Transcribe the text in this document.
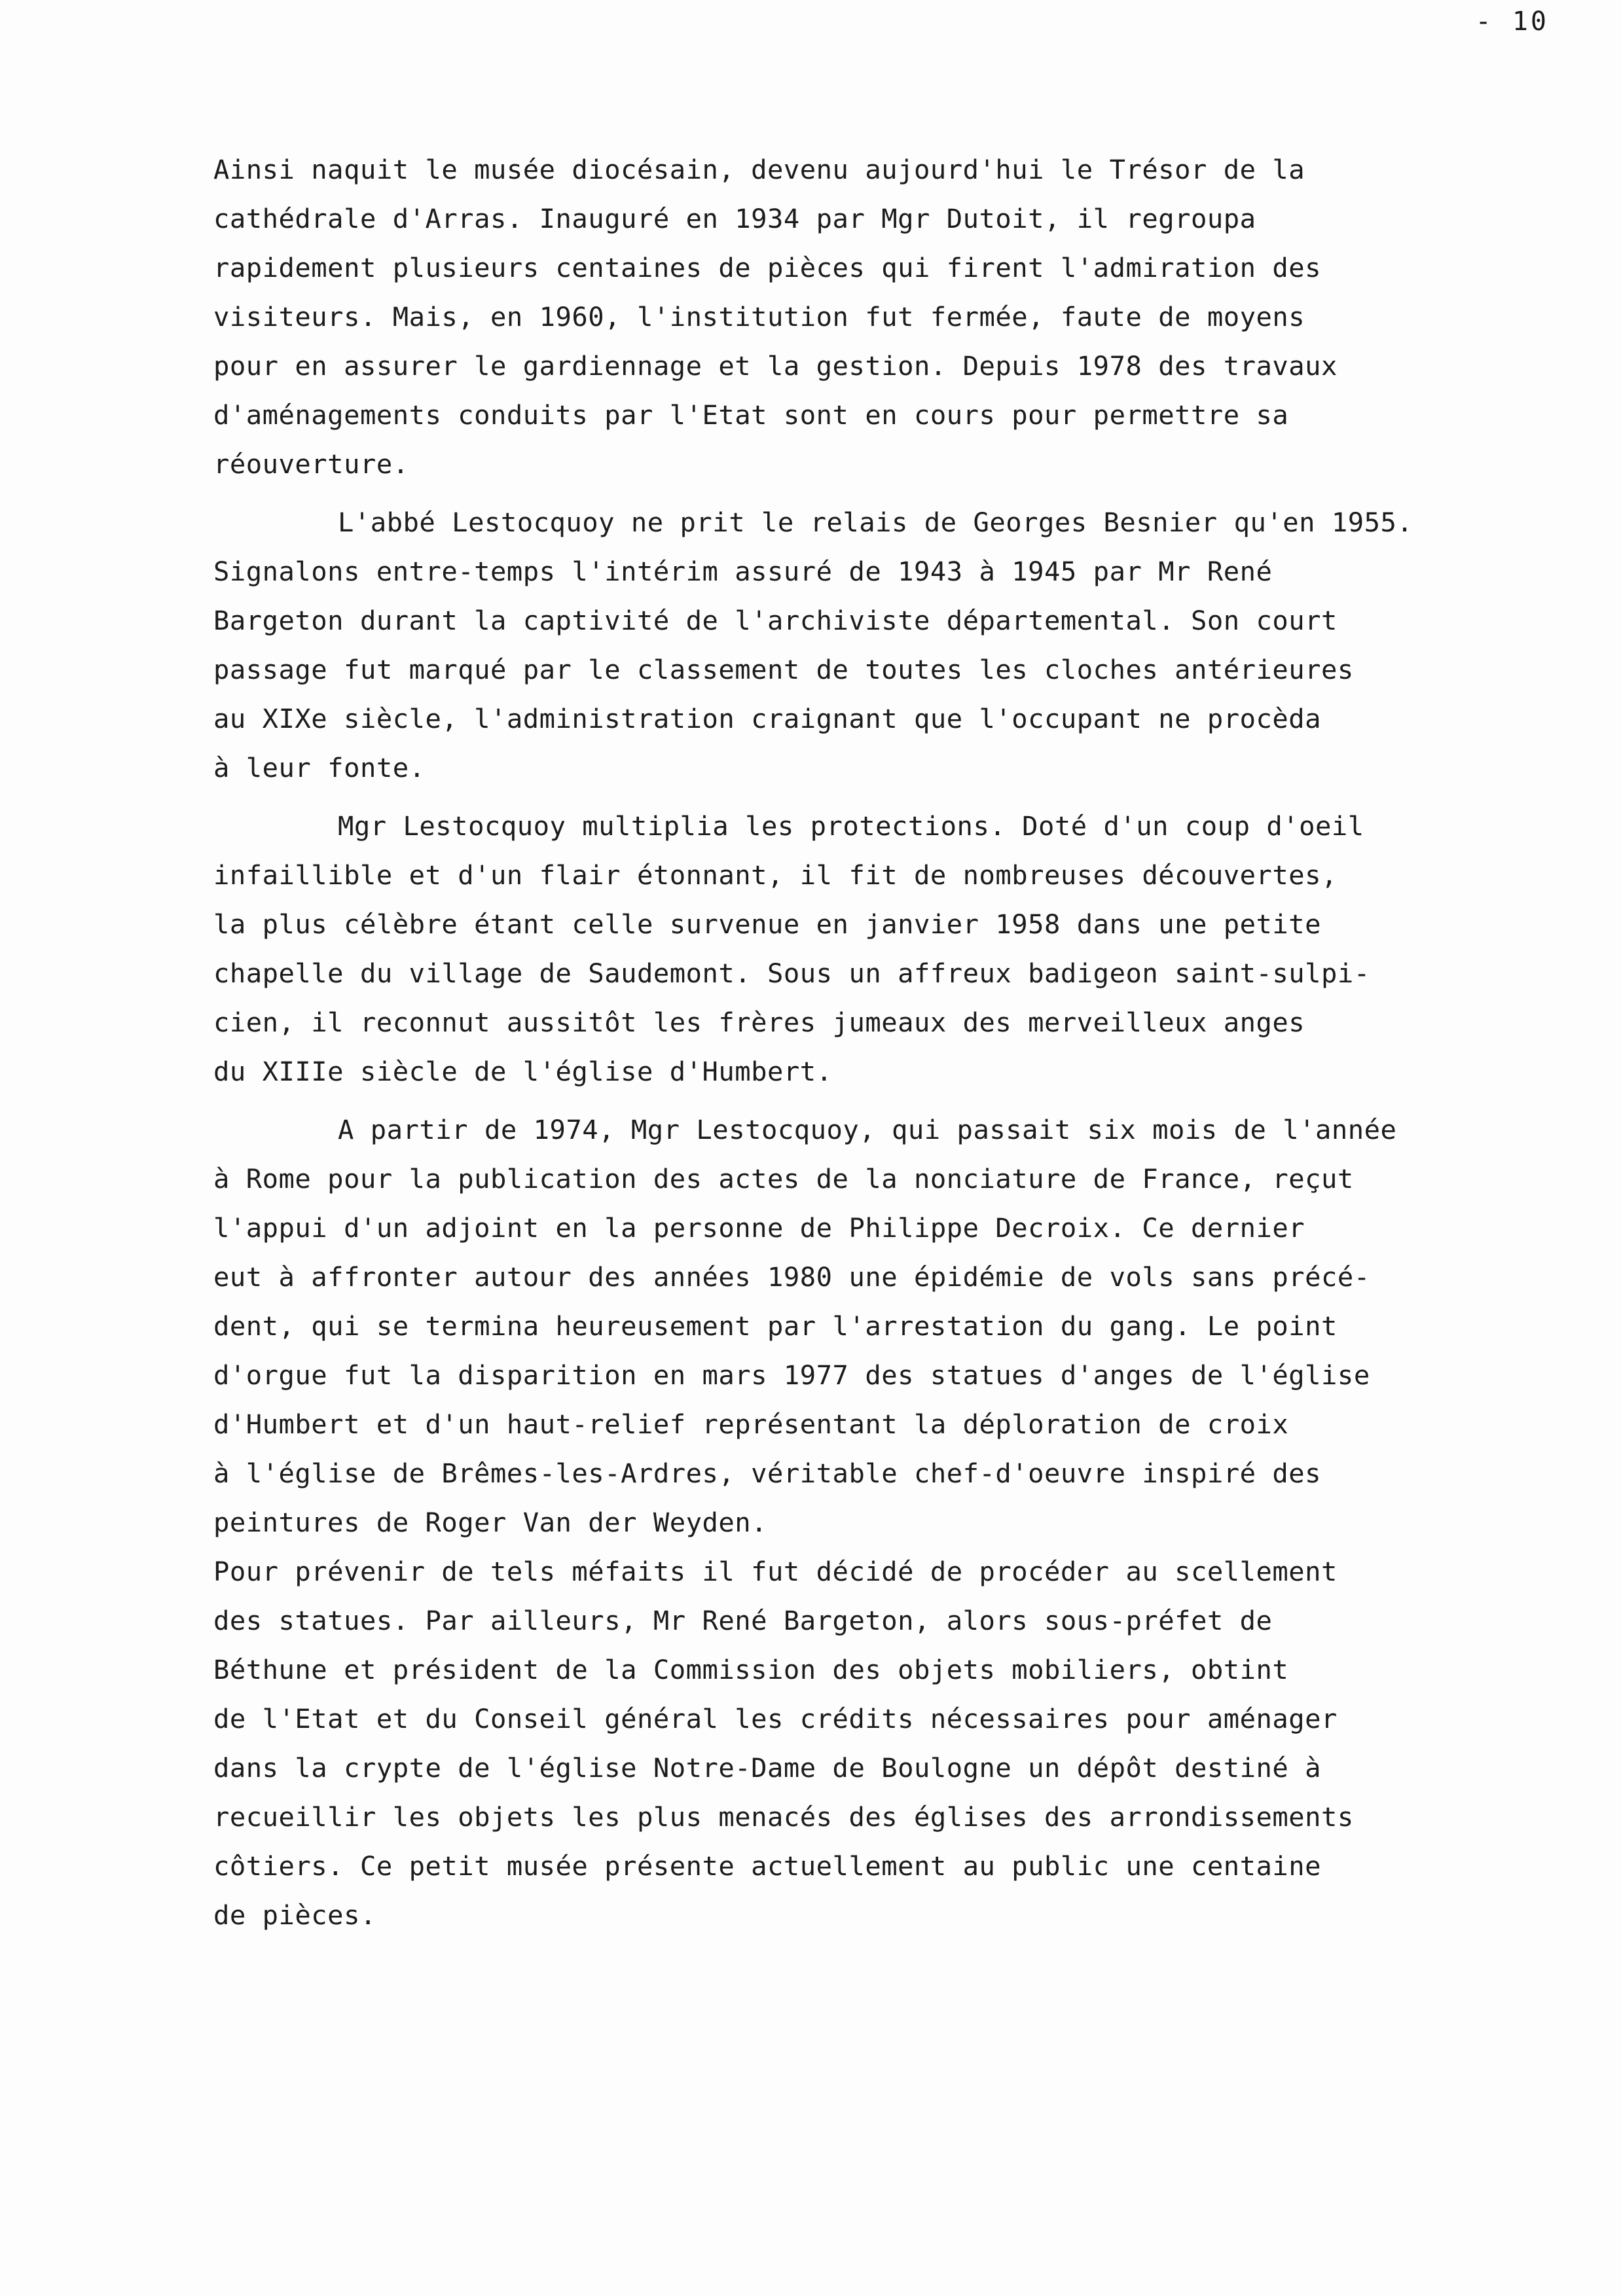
- 10
Ainsi naquit le musée diocésain, devenu aujourd'hui le Trésor de la
cathédrale d'Arras. Inauguré en 1934 par Mgr Dutoit, il regroupa
rapidement plusieurs centaines de pièces qui firent l'admiration des
visiteurs. Mais, en 1960, l'institution fut fermée, faute de moyens
pour en assurer le gardiennage et la gestion. Depuis 1978 des travaux
d'aménagements conduits par l'Etat sont en cours pour permettre sa
réouverture.
L'abbé Lestocquoy ne prit le relais de Georges Besnier qu'en 1955.
Signalons entre-temps l'intérim assuré de 1943 à 1945 par Mr René
Bargeton durant la captivité de l'archiviste départemental. Son court
passage fut marqué par le classement de toutes les cloches antérieures
au XIXe siècle, l'administration craignant que l'occupant ne procèda
à leur fonte.
Mgr Lestocquoy multiplia les protections. Doté d'un coup d'oeil
infaillible et d'un flair étonnant, il fit de nombreuses découvertes,
la plus célèbre étant celle survenue en janvier 1958 dans une petite
chapelle du village de Saudemont. Sous un affreux badigeon saint-sulpi-
cien, il reconnut aussitôt les frères jumeaux des merveilleux anges
du XIIIe siècle de l'église d'Humbert.
A partir de 1974, Mgr Lestocquoy, qui passait six mois de l'année
à Rome pour la publication des actes de la nonciature de France, reçut
l'appui d'un adjoint en la personne de Philippe Decroix. Ce dernier
eut à affronter autour des années 1980 une épidémie de vols sans précé-
dent, qui se termina heureusement par l'arrestation du gang. Le point
d'orgue fut la disparition en mars 1977 des statues d'anges de l'église
d'Humbert et d'un haut-relief représentant la déploration de croix
à l'église de Brêmes-les-Ardres, véritable chef-d'oeuvre inspiré des
peintures de Roger Van der Weyden.
Pour prévenir de tels méfaits il fut décidé de procéder au scellement
des statues. Par ailleurs, Mr René Bargeton, alors sous-préfet de
Béthune et président de la Commission des objets mobiliers, obtint
de l'Etat et du Conseil général les crédits nécessaires pour aménager
dans la crypte de l'église Notre-Dame de Boulogne un dépôt destiné à
recueillir les objets les plus menacés des églises des arrondissements
côtiers. Ce petit musée présente actuellement au public une centaine
de pièces.
